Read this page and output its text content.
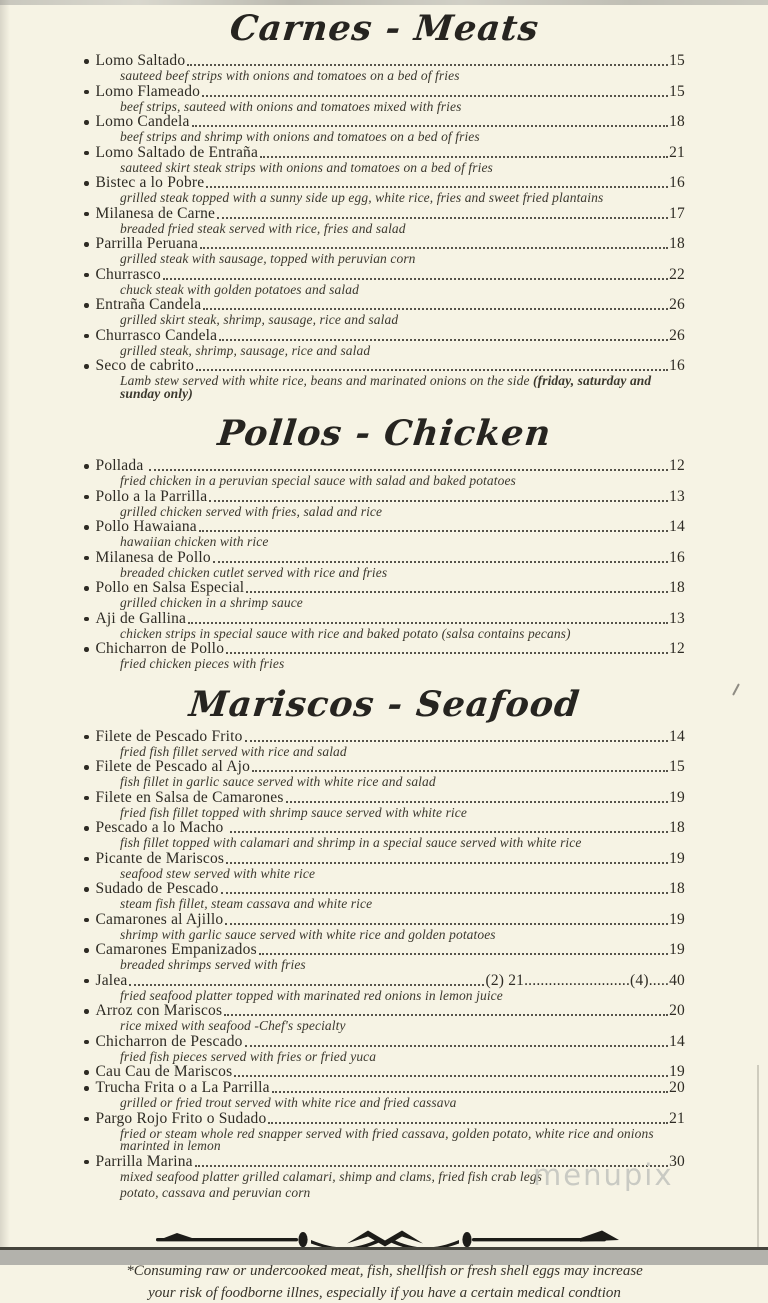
Carnes - Meats
Lomo Saltado	15
sauteed beef strips with onions and tomatoes on a bed of fries
Lomo Flameado	15
beef strips, sauteed with onions and tomatoes mixed with fries
Lomo Candela	18
beef strips and shrimp with onions and tomatoes on a bed of fries
Lomo Saltado de Entraña	21
sauteed skirt steak strips with onions and tomatoes on a bed of fries
Bistec a lo Pobre	16
grilled steak topped with a sunny side up egg, white rice, fries and sweet fried plantains
Milanesa de Carne	17
breaded fried steak served with rice, fries and salad
Parrilla Peruana	18
grilled steak with sausage, topped with peruvian corn
Churrasco	22
chuck steak with golden potatoes and salad
Entraña Candela	26
grilled skirt steak, shrimp, sausage, rice and salad
Churrasco Candela	26
grilled steak, shrimp, sausage, rice and salad
Seco de cabrito	16
Lamb stew served with white rice, beans and marinated onions on the side (friday, saturday and sunday only)
Pollos - Chicken
Pollada	12
fried chicken in a peruvian special sauce with salad and baked potatoes
Pollo a la Parrilla	13
grilled chicken served with fries, salad and rice
Pollo Hawaiana	14
hawaiian chicken with rice
Milanesa de Pollo	16
breaded chicken cutlet served with rice and fries
Pollo en Salsa Especial	18
grilled chicken in a shrimp sauce
Aji de Gallina	13
chicken strips in special sauce with rice and baked potato (salsa contains pecans)
Chicharron de Pollo	12
fried chicken pieces with fries
Mariscos - Seafood
Filete de Pescado Frito	14
fried fish fillet served with rice and salad
Filete de Pescado al Ajo	15
fish fillet in garlic sauce served with white rice and salad
Filete en Salsa de Camarones	19
fried fish fillet topped with shrimp sauce served with white rice
Pescado a lo Macho	18
fish fillet topped with calamari and shrimp in a special sauce served with white rice
Picante de Mariscos	19
seafood stew served with white rice
Sudado de Pescado	18
steam fish fillet, steam cassava and white rice
Camarones al Ajillo	19
shrimp with garlic sauce served with white rice and golden potatoes
Camarones Empanizados	19
breaded shrimps served with fries
Jalea	(2) 21..........................(4).....40
fried seafood platter topped with marinated red onions in lemon juice
Arroz con Mariscos	20
rice mixed with seafood -Chef's specialty
Chicharron de Pescado	14
fried fish pieces served with fries or fried yuca
Cau Cau de Mariscos	19
Trucha Frita o a La Parrilla	20
grilled or fried trout served with white rice and fried cassava
Pargo Rojo Frito o Sudado	21
fried or steam whole red snapper served with fried cassava, golden potato, white rice and onions marinted in lemon
Parrilla Marina	30
mixed seafood platter grilled calamari, shimp and clams, fried fish crab legs
potato, cassava and peruvian corn
*Consuming raw or undercooked meat, fish, shellfish or fresh shell eggs may increase
your risk of foodborne illnes, especially if you have a certain medical condtion
menupix
